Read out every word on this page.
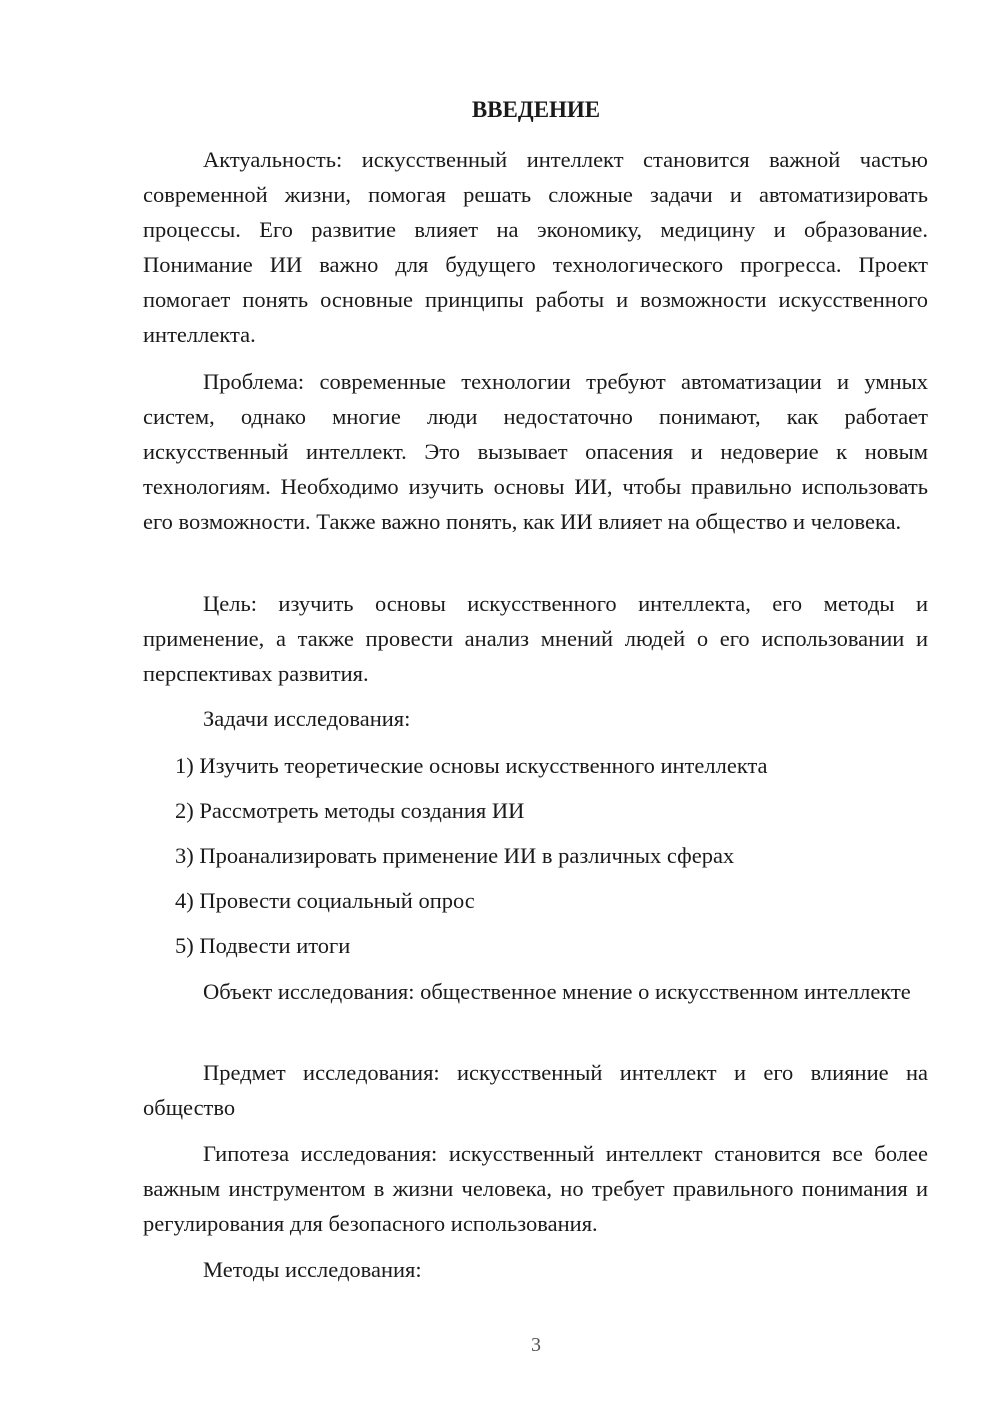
ВВЕДЕНИЕ

Актуальность: искусственный интеллект становится важной частью современной жизни, помогая решать сложные задачи и автоматизировать процессы. Его развитие влияет на экономику, медицину и образование. Понимание ИИ важно для будущего технологического прогресса. Проект помогает понять основные принципы работы и возможности искусственного интеллекта.

Проблема: современные технологии требуют автоматизации и умных систем, однако многие люди недостаточно понимают, как работает искусственный интеллект. Это вызывает опасения и недоверие к новым технологиям. Необходимо изучить основы ИИ, чтобы правильно использовать его возможности. Также важно понять, как ИИ влияет на общество и человека.

Цель: изучить основы искусственного интеллекта, его методы и применение, а также провести анализ мнений людей о его использовании и перспективах развития.

Задачи исследования:

1) Изучить теоретические основы искусственного интеллекта

2) Рассмотреть методы создания ИИ

3) Проанализировать применение ИИ в различных сферах

4) Провести социальный опрос

5) Подвести итоги

Объект исследования: общественное мнение о искусственном интеллекте

Предмет исследования: искусственный интеллект и его влияние на общество

Гипотеза исследования: искусственный интеллект становится все более важным инструментом в жизни человека, но требует правильного понимания и регулирования для безопасного использования.

Методы исследования:

3
